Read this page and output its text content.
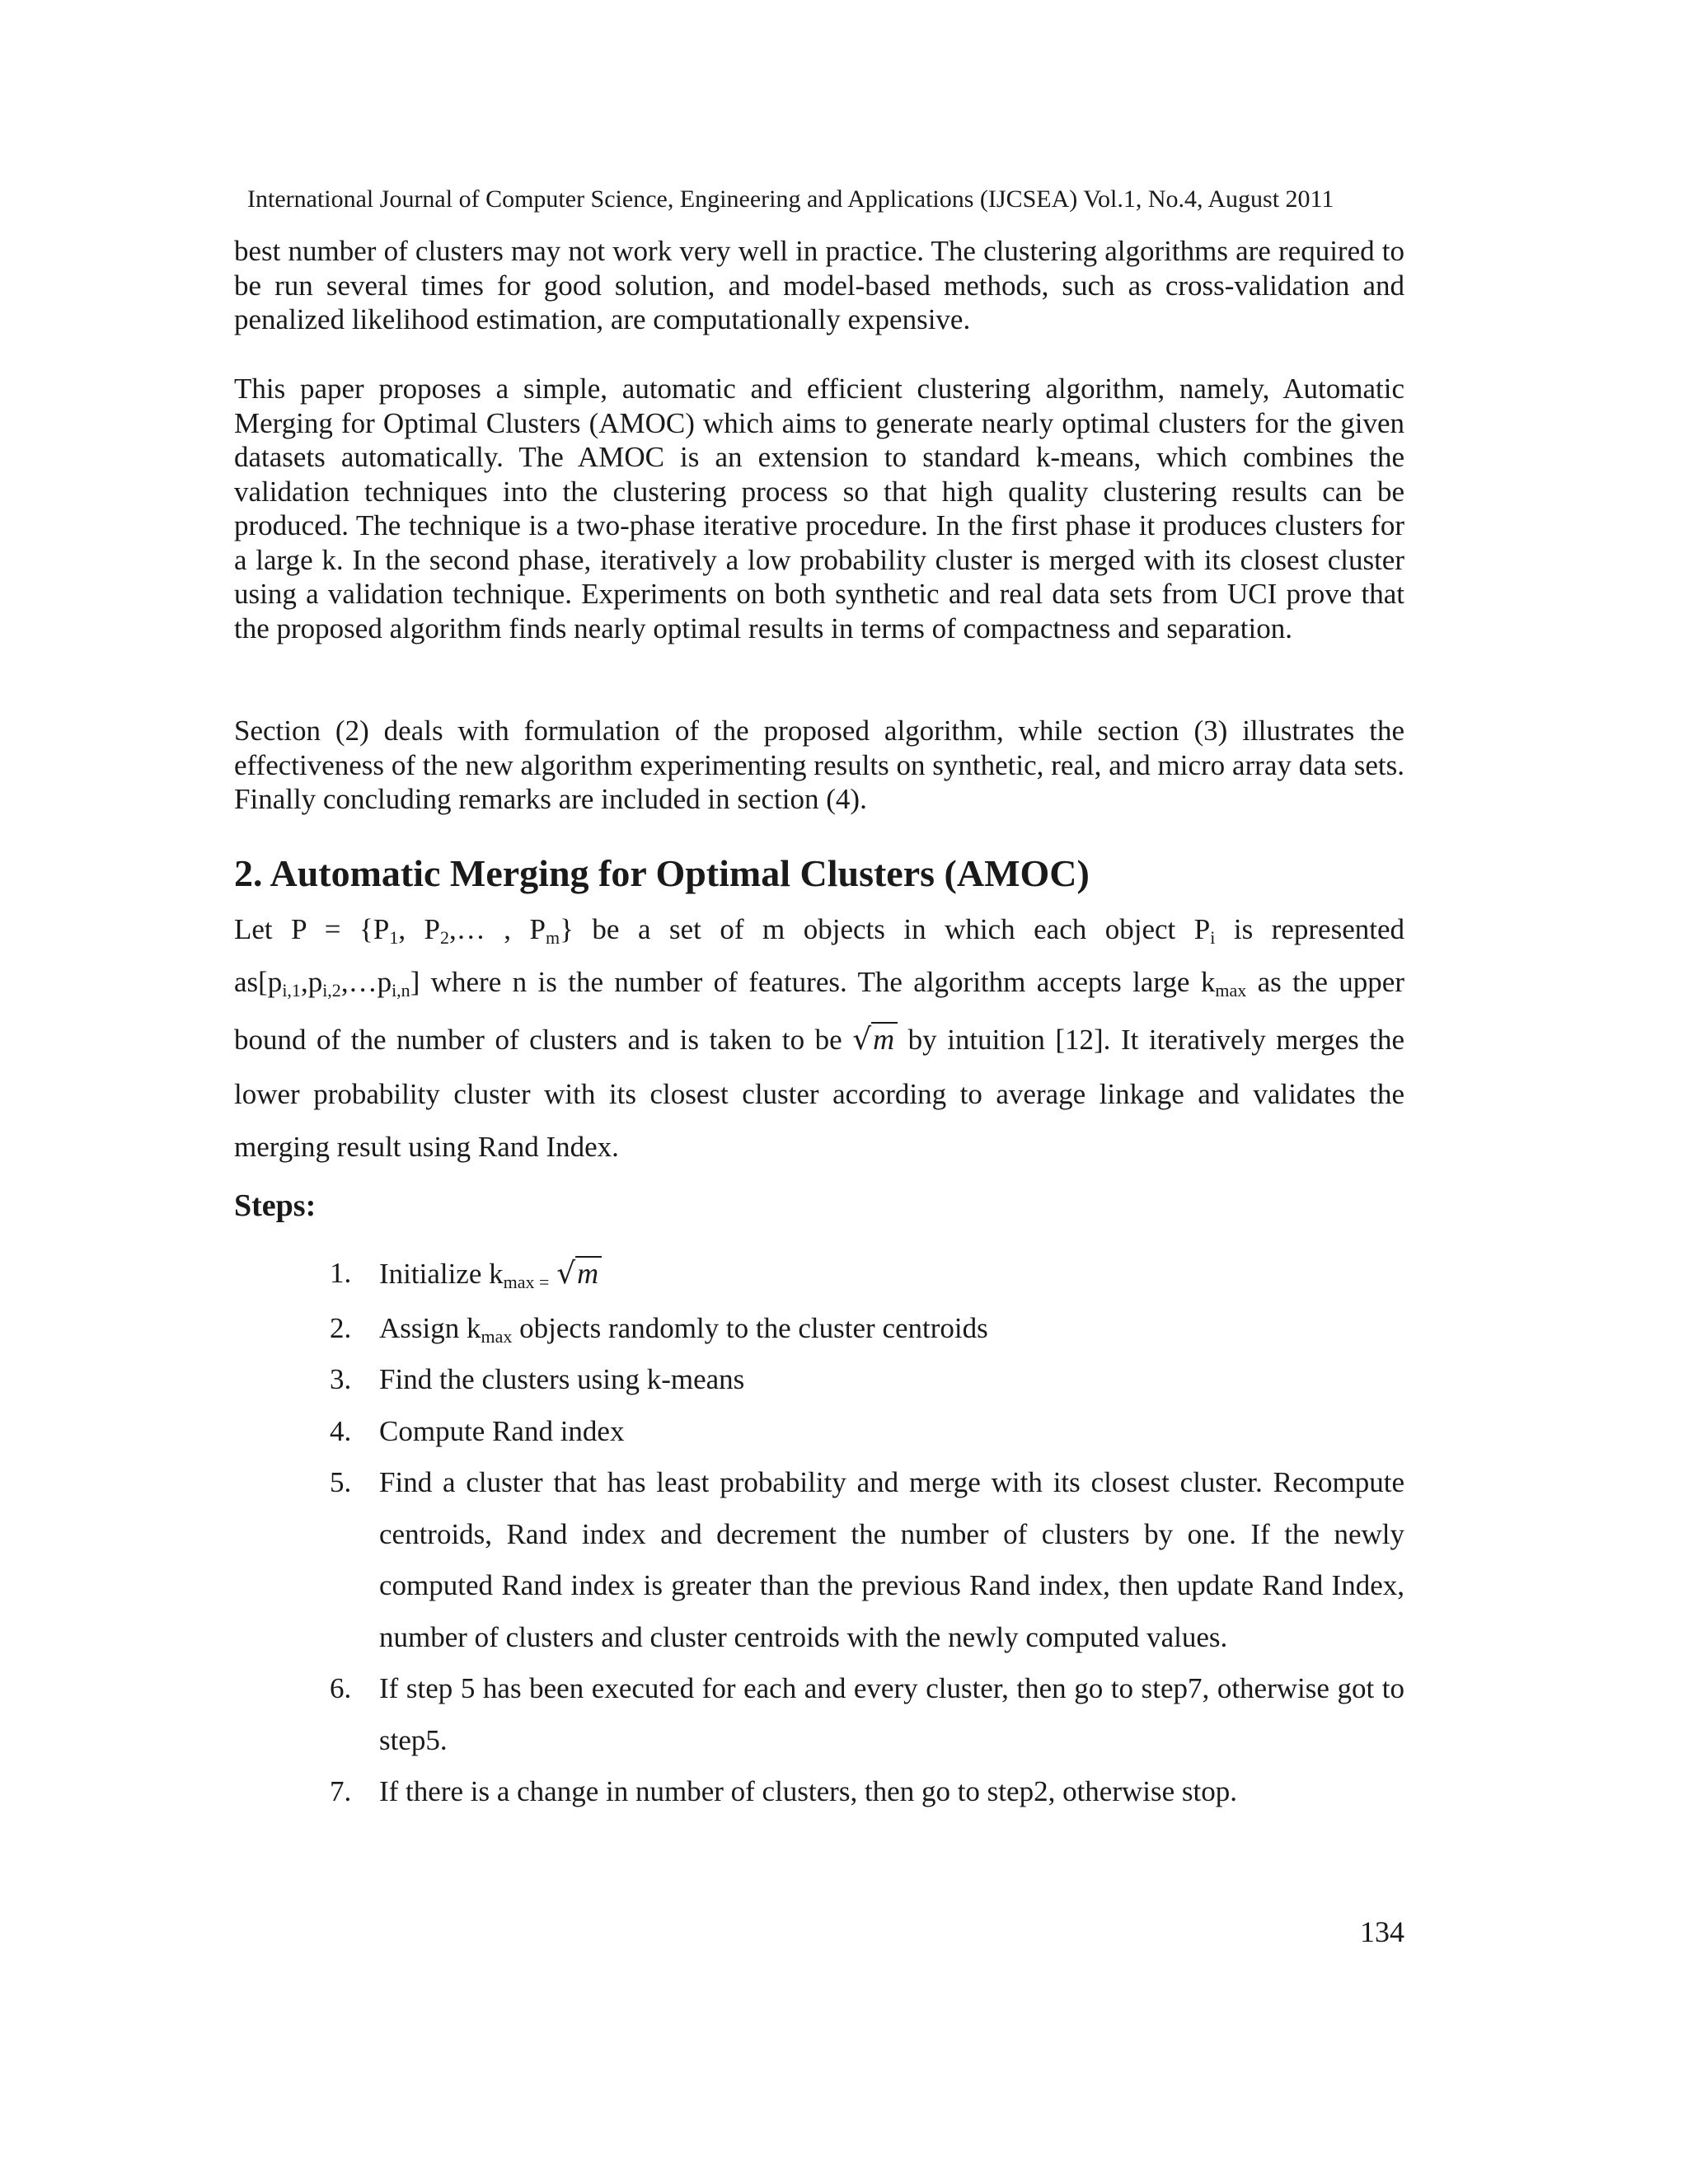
International Journal of Computer Science, Engineering and Applications (IJCSEA) Vol.1, No.4, August 2011

best number of clusters may not work very well in practice. The clustering algorithms are required to be run several times for good solution, and model-based methods, such as cross-validation and penalized likelihood estimation, are computationally expensive.

This paper proposes a simple, automatic and efficient clustering algorithm, namely, Automatic Merging for Optimal Clusters (AMOC) which aims to generate nearly optimal clusters for the given datasets automatically. The AMOC is an extension to standard k-means, which combines the validation techniques into the clustering process so that high quality clustering results can be produced. The technique is a two-phase iterative procedure. In the first phase it produces clusters for a large k. In the second phase, iteratively a low probability cluster is merged with its closest cluster using a validation technique. Experiments on both synthetic and real data sets from UCI prove that the proposed algorithm finds nearly optimal results in terms of compactness and separation.

Section (2) deals with formulation of the proposed algorithm, while section (3) illustrates the effectiveness of the new algorithm experimenting results on synthetic, real, and micro array data sets. Finally concluding remarks are included in section (4).

2. Automatic Merging for Optimal Clusters (AMOC)
Let $P = \{P_1$, $P_2,\dots$ , $P_m$} be a set of m objects in which each object $P_i$ is represented
$as[p_{i,1},p_{i,2},\dots p_{i,n}]$ where n is the number of features. The algorithm accepts large $k_{max}$ as the upper
bound of the number of clusters and is taken to be √m by intuition [12]. It iteratively merges the
lower probability cluster with its closest cluster according to average linkage and validates the
merging result using Rand Index.
Steps:
1. Initialize $k_{max =}$ √m
2. Assign $k_{max}$ objects randomly to the cluster centroids
3. Find the clusters using k-means
4. Compute Rand index
5. Find a cluster that has least probability and merge with its closest cluster. Recompute centroids, Rand index and decrement the number of clusters by one. If the newly computed Rand index is greater than the previous Rand index, then update Rand Index, number of clusters and cluster centroids with the newly computed values.
6. If step 5 has been executed for each and every cluster, then go to step7, otherwise got to step5.
7. If there is a change in number of clusters, then go to step2, otherwise stop.
134
